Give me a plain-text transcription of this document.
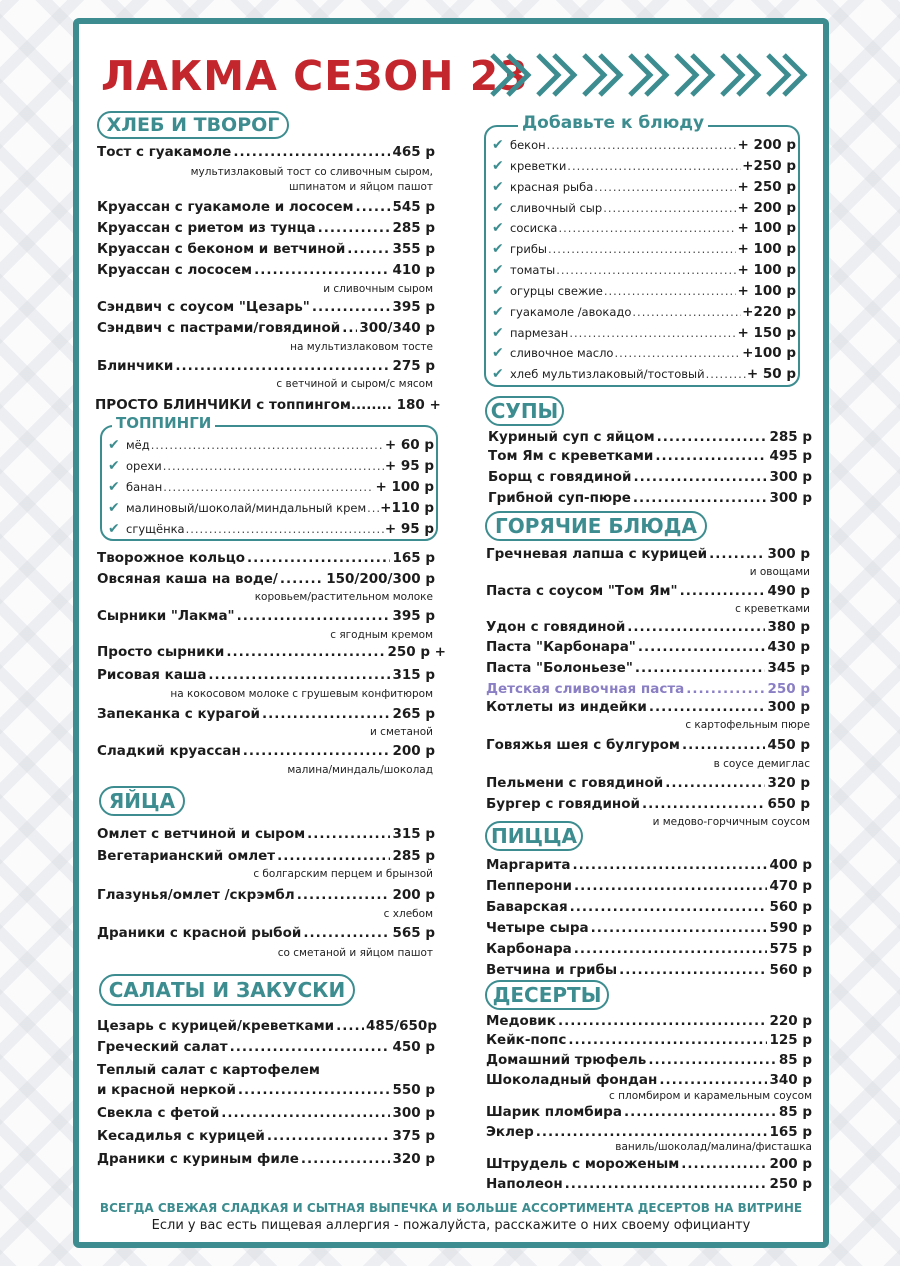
ЛАКМА СЕЗОН 23
ХЛЕБ И ТВОРОГ
Тост с гуакамоле .....	465 р
мультизлаковый тост со сливочным сыром,
шпинатом и яйцом пашот
Круассан с гуакамоле и лососем .....	545 р
Круассан с риетом из тунца .....	285 р
Круассан с беконом и ветчиной .....	355 р
Круассан с лососем .....	410 р
и сливочным сыром
Сэндвич с соусом "Цезарь" .....	395 р
Сэндвич с пастрами/говядиной ..... 300/340 р
на мультизлаковом тосте
Блинчики .....	275 р
с ветчиной и сыром/с мясом
ПРОСТО БЛИНЧИКИ с топпингом........ 180 +
ТОППИНГИ
✔ мёд .....	+ 60 р
✔ орехи .....	+ 95 р
✔ банан .....	+ 100 р
✔ малиновый/шоколай/миндальный крем ..... +110 р
✔ сгущёнка .....	+ 95 р
Творожное кольцо .....	165 р
Овсяная каша на воде/ .....	150/200/300 р
коровьем/растительном молоке
Сырники "Лакма" .....	395 р
с ягодным кремом
Просто сырники .....	250 р +
Рисовая каша .....	315 р
на кокосовом молоке с грушевым конфитюром
Запеканка с курагой .....	265 р
и сметаной
Сладкий круассан .....	200 р
малина/миндаль/шоколад
ЯЙЦА
Омлет с ветчиной и сыром .....	315 р
Вегетарианский омлет .....	285 р
с болгарским перцем и брынзой
Глазунья/омлет /скрэмбл .....	200 р
с хлебом
Драники с красной рыбой .....	565 р
со сметаной и яйцом пашот
САЛАТЫ И ЗАКУСКИ
Цезарь с курицей/креветками ..... 485/650р
Греческий салат .....	450 р
Теплый салат с картофелем
и красной неркой .....	550 р
Свекла с фетой .....	300 р
Кесадилья с курицей .....	375 р
Драники с куриным филе .....	320 р
Добавьте к блюду
✔ бекон .....	+ 200 р
✔ креветки .....	+250 р
✔ красная рыба .....	+ 250 р
✔ сливочный сыр .....	+ 200 р
✔ сосиска .....	+ 100 р
✔ грибы .....	+ 100 р
✔ томаты .....	+ 100 р
✔ огурцы свежие .....	+ 100 р
✔ гуакамоле /авокадо .....	+220 р
✔ пармезан .....	+ 150 р
✔ сливочное масло .....	+100 р
✔ хлеб мультизлаковый/тостовый .....	+ 50 р
СУПЫ
Куриный суп с яйцом .....	285 р
Том Ям с креветками .....	495 р
Борщ с говядиной .....	300 р
Грибной суп-пюре .....	300 р
ГОРЯЧИЕ БЛЮДА
Гречневая лапша с курицей .....	300 р
и овощами
Паста с соусом "Том Ям" .....	490 р
с креветками
Удон с говядиной .....	380 р
Паста "Карбонара" .....	430 р
Паста "Болоньезе" .....	345 р
Детская сливочная паста .....	250 р
Котлеты из индейки .....	300 р
с картофельным пюре
Говяжья шея с булгуром .....	450 р
в соусе демиглас
Пельмени с говядиной .....	320 р
Бургер с говядиной .....	650 р
и медово-горчичным соусом
ПИЦЦА
Маргарита .....	400 р
Пепперони .....	470 р
Баварская .....	560 р
Четыре сыра .....	590 р
Карбонара .....	575 р
Ветчина и грибы .....	560 р
ДЕСЕРТЫ
Медовик .....	220 р
Кейк-попс .....	125 р
Домашний трюфель .....	85 р
Шоколадный фондан .....	340 р
с пломбиром и карамельным соусом
Шарик пломбира .....	85 р
Эклер .....	165 р
ваниль/шоколад/малина/фисташка
Штрудель с мороженым .....	200 р
Наполеон .....	250 р
ВСЕГДА СВЕЖАЯ СЛАДКАЯ И СЫТНАЯ ВЫПЕЧКА И БОЛЬШЕ АССОРТИМЕНТА ДЕСЕРТОВ НА ВИТРИНЕ
Если у вас есть пищевая аллергия - пожалуйста, расскажите о них своему официанту
